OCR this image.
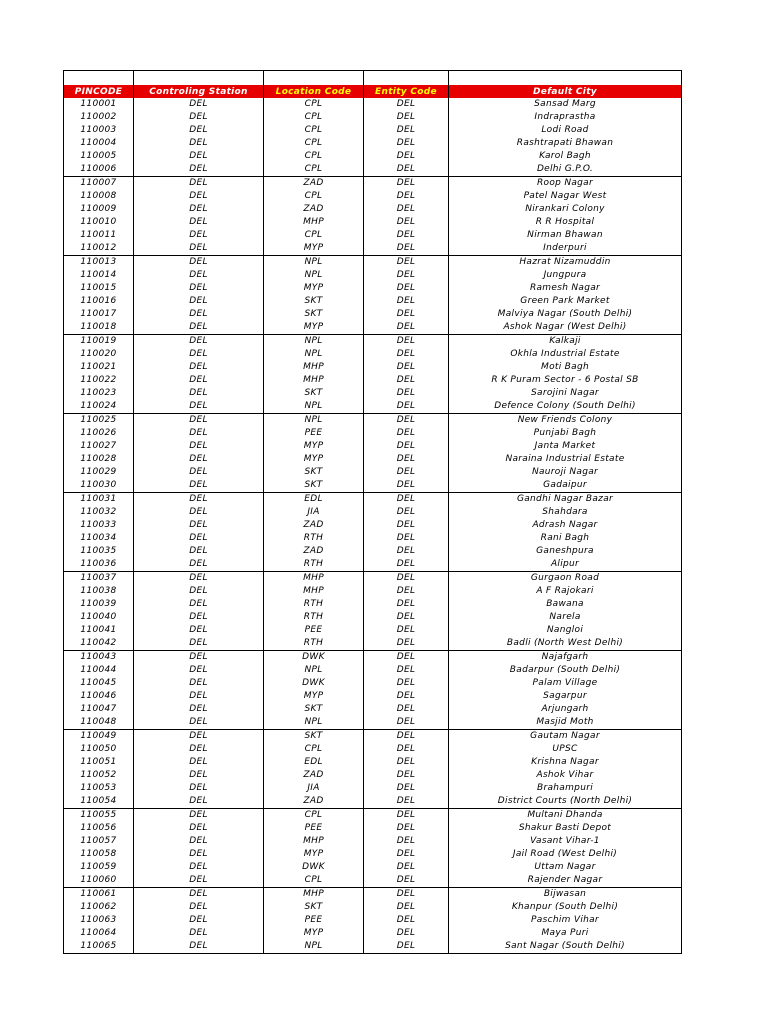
PINCODE	Controling Station	Location Code	Entity Code	Default City
110001	DEL	CPL	DEL	Sansad Marg
110002	DEL	CPL	DEL	Indraprastha
110003	DEL	CPL	DEL	Lodi Road
110004	DEL	CPL	DEL	Rashtrapati Bhawan
110005	DEL	CPL	DEL	Karol Bagh
110006	DEL	CPL	DEL	Delhi G.P.O.
110007	DEL	ZAD	DEL	Roop Nagar
110008	DEL	CPL	DEL	Patel Nagar West
110009	DEL	ZAD	DEL	Nirankari Colony
110010	DEL	MHP	DEL	R R Hospital
110011	DEL	CPL	DEL	Nirman Bhawan
110012	DEL	MYP	DEL	Inderpuri
110013	DEL	NPL	DEL	Hazrat Nizamuddin
110014	DEL	NPL	DEL	Jungpura
110015	DEL	MYP	DEL	Ramesh Nagar
110016	DEL	SKT	DEL	Green Park Market
110017	DEL	SKT	DEL	Malviya Nagar (South Delhi)
110018	DEL	MYP	DEL	Ashok Nagar (West Delhi)
110019	DEL	NPL	DEL	Kalkaji
110020	DEL	NPL	DEL	Okhla Industrial Estate
110021	DEL	MHP	DEL	Moti Bagh
110022	DEL	MHP	DEL	R K Puram Sector - 6 Postal SB
110023	DEL	SKT	DEL	Sarojini Nagar
110024	DEL	NPL	DEL	Defence Colony (South Delhi)
110025	DEL	NPL	DEL	New Friends Colony
110026	DEL	PEE	DEL	Punjabi Bagh
110027	DEL	MYP	DEL	Janta Market
110028	DEL	MYP	DEL	Naraina Industrial Estate
110029	DEL	SKT	DEL	Nauroji Nagar
110030	DEL	SKT	DEL	Gadaipur
110031	DEL	EDL	DEL	Gandhi Nagar Bazar
110032	DEL	JIA	DEL	Shahdara
110033	DEL	ZAD	DEL	Adrash Nagar
110034	DEL	RTH	DEL	Rani Bagh
110035	DEL	ZAD	DEL	Ganeshpura
110036	DEL	RTH	DEL	Alipur
110037	DEL	MHP	DEL	Gurgaon Road
110038	DEL	MHP	DEL	A F Rajokari
110039	DEL	RTH	DEL	Bawana
110040	DEL	RTH	DEL	Narela
110041	DEL	PEE	DEL	Nangloi
110042	DEL	RTH	DEL	Badli (North West Delhi)
110043	DEL	DWK	DEL	Najafgarh
110044	DEL	NPL	DEL	Badarpur (South Delhi)
110045	DEL	DWK	DEL	Palam Village
110046	DEL	MYP	DEL	Sagarpur
110047	DEL	SKT	DEL	Arjungarh
110048	DEL	NPL	DEL	Masjid Moth
110049	DEL	SKT	DEL	Gautam Nagar
110050	DEL	CPL	DEL	UPSC
110051	DEL	EDL	DEL	Krishna Nagar
110052	DEL	ZAD	DEL	Ashok Vihar
110053	DEL	JIA	DEL	Brahampuri
110054	DEL	ZAD	DEL	District Courts (North Delhi)
110055	DEL	CPL	DEL	Multani Dhanda
110056	DEL	PEE	DEL	Shakur Basti Depot
110057	DEL	MHP	DEL	Vasant Vihar-1
110058	DEL	MYP	DEL	Jail Road (West Delhi)
110059	DEL	DWK	DEL	Uttam Nagar
110060	DEL	CPL	DEL	Rajender Nagar
110061	DEL	MHP	DEL	Bijwasan
110062	DEL	SKT	DEL	Khanpur (South Delhi)
110063	DEL	PEE	DEL	Paschim Vihar
110064	DEL	MYP	DEL	Maya Puri
110065	DEL	NPL	DEL	Sant Nagar (South Delhi)
